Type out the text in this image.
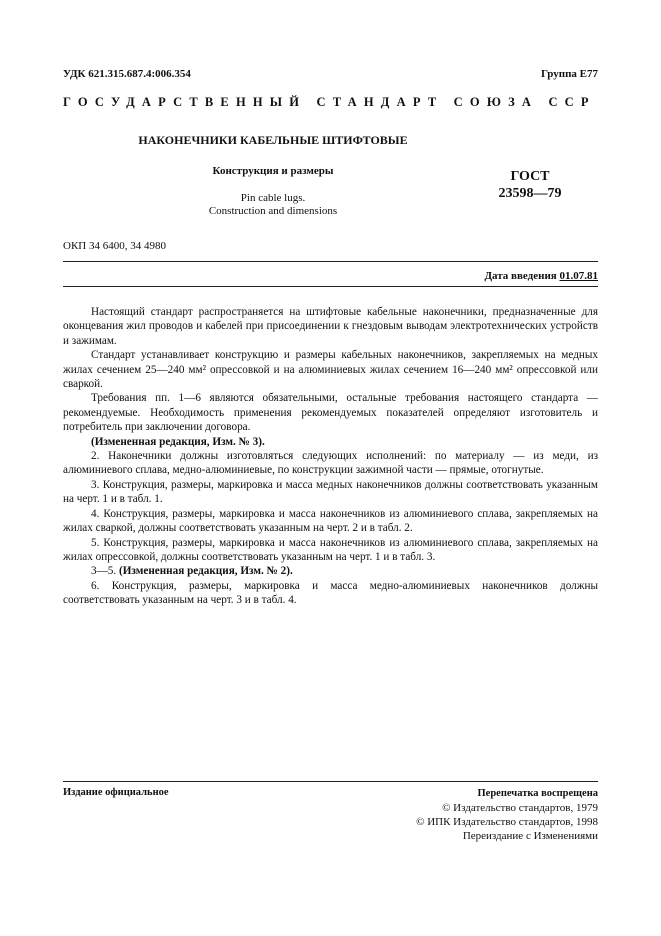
УДК 621.315.687.4:006.354	Группа Е77
ГОСУДАРСТВЕННЫЙ СТАНДАРТ СОЮЗА ССР
НАКОНЕЧНИКИ КАБЕЛЬНЫЕ ШТИФТОВЫЕ
Конструкция и размеры
Pin cable lugs.
Construction and dimensions
ГОСТ
23598—79
ОКП 34 6400, 34 4980
Дата введения 01.07.81

Настоящий стандарт распространяется на штифтовые кабельные наконечники, предназначенные для оконцевания жил проводов и кабелей при присоединении к гнездовым выводам электротехнических устройств и зажимам.

Стандарт устанавливает конструкцию и размеры кабельных наконечников, закрепляемых на медных жилах сечением 25—240 мм² опрессовкой и на алюминиевых жилах сечением 16—240 мм² опрессовкой или сваркой.

Требования пп. 1—6 являются обязательными, остальные требования настоящего стандарта — рекомендуемые. Необходимость применения рекомендуемых показателей определяют изготовитель и потребитель при заключении договора.

(Измененная редакция, Изм. № 3).

2. Наконечники должны изготовляться следующих исполнений: по материалу — из меди, из алюминиевого сплава, медно-алюминиевые, по конструкции зажимной части — прямые, отогнутые.

3. Конструкция, размеры, маркировка и масса медных наконечников должны соответствовать указанным на черт. 1 и в табл. 1.

4. Конструкция, размеры, маркировка и масса наконечников из алюминиевого сплава, закрепляемых на жилах сваркой, должны соответствовать указанным на черт. 2 и в табл. 2.

5. Конструкция, размеры, маркировка и масса наконечников из алюминиевого сплава, закрепляемых на жилах опрессовкой, должны соответствовать указанным на черт. 1 и в табл. 3.

3—5. (Измененная редакция, Изм. № 2).

6. Конструкция, размеры, маркировка и масса медно-алюминиевых наконечников должны соответствовать указанным на черт. 3 и в табл. 4.

Издание официальное	Перепечатка воспрещена
© Издательство стандартов, 1979
© ИПК Издательство стандартов, 1998
Переиздание с Изменениями
